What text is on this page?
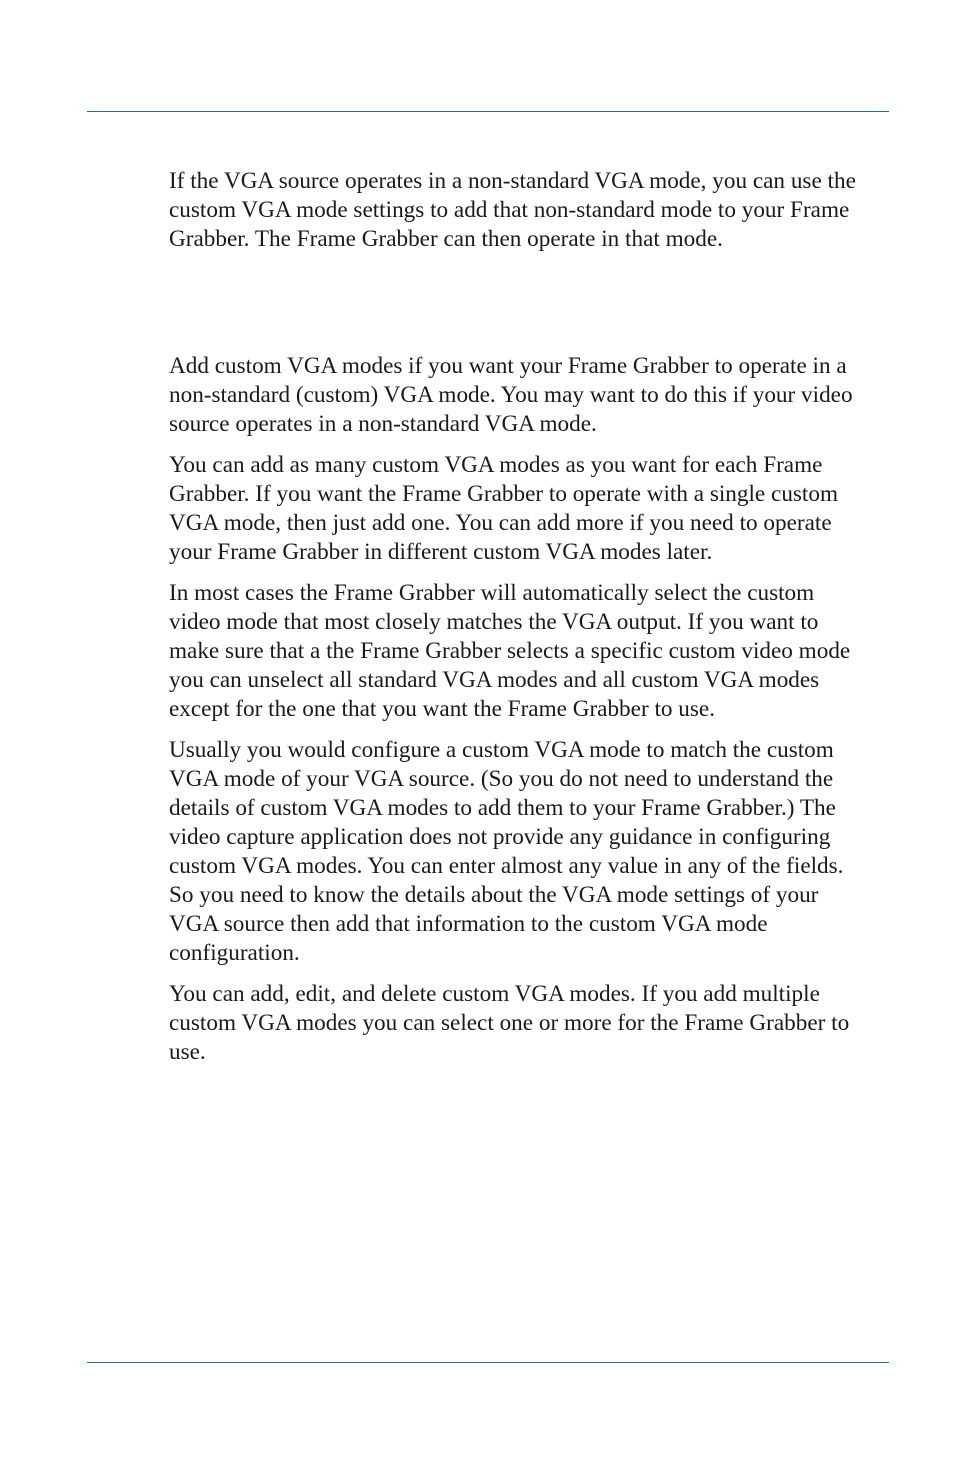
If the VGA source operates in a non-standard VGA mode, you can use the custom VGA mode settings to add that non-standard mode to your Frame Grabber. The Frame Grabber can then operate in that mode.

Add custom VGA modes if you want your Frame Grabber to operate in a non-standard (custom) VGA mode. You may want to do this if your video source operates in a non-standard VGA mode.

You can add as many custom VGA modes as you want for each Frame Grabber. If you want the Frame Grabber to operate with a single custom VGA mode, then just add one. You can add more if you need to operate your Frame Grabber in different custom VGA modes later.

In most cases the Frame Grabber will automatically select the custom video mode that most closely matches the VGA output. If you want to make sure that a the Frame Grabber selects a specific custom video mode you can unselect all standard VGA modes and all custom VGA modes except for the one that you want the Frame Grabber to use.

Usually you would configure a custom VGA mode to match the custom VGA mode of your VGA source. (So you do not need to understand the details of custom VGA modes to add them to your Frame Grabber.) The video capture application does not provide any guidance in configuring custom VGA modes. You can enter almost any value in any of the fields. So you need to know the details about the VGA mode settings of your VGA source then add that information to the custom VGA mode configuration.

You can add, edit, and delete custom VGA modes. If you add multiple custom VGA modes you can select one or more for the Frame Grabber to use.
